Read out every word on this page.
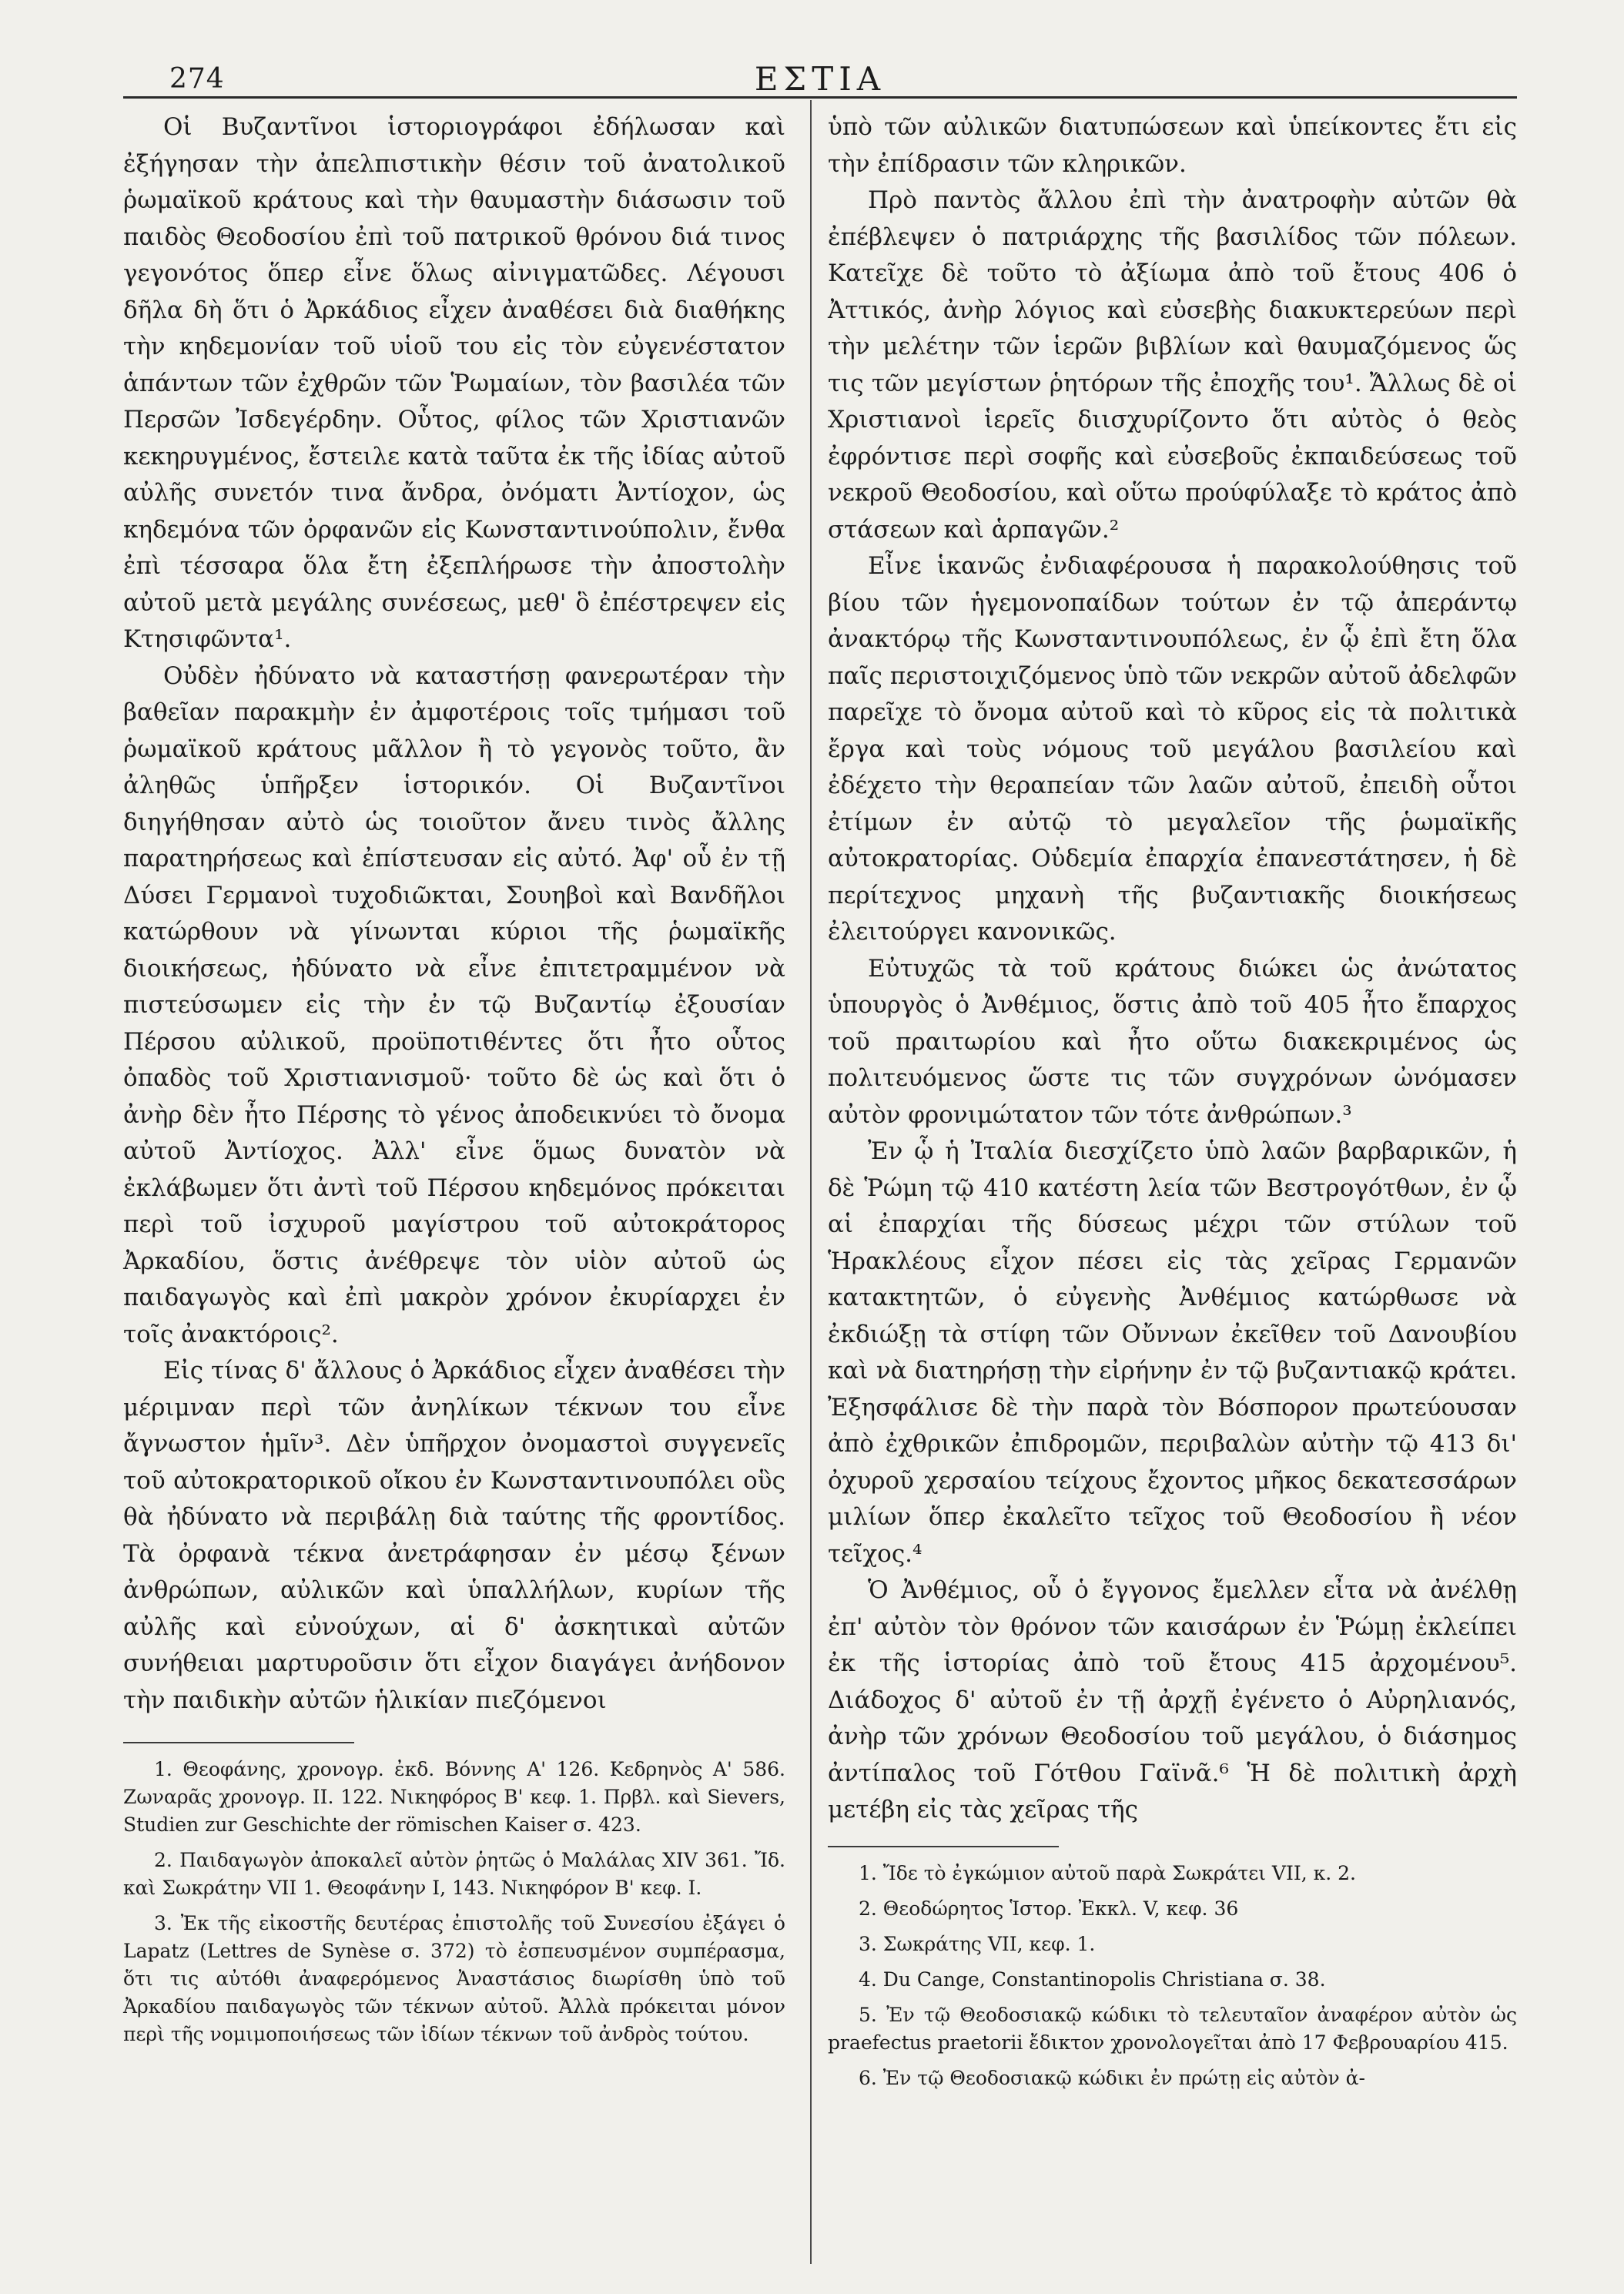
274	ΕΣΤΙΑ

Οἱ Βυζαντῖνοι ἱστοριογράφοι ἐδήλωσαν καὶ ἐξήγησαν τὴν ἀπελπιστικὴν θέσιν τοῦ ἀνατολικοῦ ῥωμαϊκοῦ κράτους καὶ τὴν θαυμαστὴν διάσωσιν τοῦ παιδὸς Θεοδοσίου ἐπὶ τοῦ πατρικοῦ θρόνου διά τινος γεγονότος ὅπερ εἶνε ὅλως αἰνιγματῶδες. Λέγουσι δῆλα δὴ ὅτι ὁ Ἀρκάδιος εἶχεν ἀναθέσει διὰ διαθήκης τὴν κηδεμονίαν τοῦ υἱοῦ του εἰς τὸν εὐγενέστατον ἁπάντων τῶν ἐχθρῶν τῶν Ῥωμαίων, τὸν βασιλέα τῶν Περσῶν Ἰσδεγέρδην. Οὗτος, φίλος τῶν Χριστιανῶν κεκηρυγμένος, ἔστειλε κατὰ ταῦτα ἐκ τῆς ἰδίας αὐτοῦ αὐλῆς συνετόν τινα ἄνδρα, ὀνόματι Ἀντίοχον, ὡς κηδεμόνα τῶν ὀρφανῶν εἰς Κωνσταντινούπολιν, ἔνθα ἐπὶ τέσσαρα ὅλα ἔτη ἐξεπλήρωσε τὴν ἀποστολὴν αὐτοῦ μετὰ μεγάλης συνέσεως, μεθ' ὃ ἐπέστρεψεν εἰς Κτησιφῶντα¹.

Οὐδὲν ἠδύνατο νὰ καταστήσῃ φανερωτέραν τὴν βαθεῖαν παρακμὴν ἐν ἀμφοτέροις τοῖς τμήμασι τοῦ ῥωμαϊκοῦ κράτους μᾶλλον ἢ τὸ γεγονὸς τοῦτο, ἂν ἀληθῶς ὑπῆρξεν ἱστορικόν. Οἱ Βυζαντῖνοι διηγήθησαν αὐτὸ ὡς τοιοῦτον ἄνευ τινὸς ἄλλης παρατηρήσεως καὶ ἐπίστευσαν εἰς αὐτό. Ἀφ' οὗ ἐν τῇ Δύσει Γερμανοὶ τυχοδιῶκται, Σουηβοὶ καὶ Βανδῆλοι κατώρθουν νὰ γίνωνται κύριοι τῆς ῥωμαϊκῆς διοικήσεως, ἠδύνατο νὰ εἶνε ἐπιτετραμμένον νὰ πιστεύσωμεν εἰς τὴν ἐν τῷ Βυζαντίῳ ἐξουσίαν Πέρσου αὐλικοῦ, προϋποτιθέντες ὅτι ἦτο οὗτος ὀπαδὸς τοῦ Χριστιανισμοῦ· τοῦτο δὲ ὡς καὶ ὅτι ὁ ἀνὴρ δὲν ἦτο Πέρσης τὸ γένος ἀποδεικνύει τὸ ὄνομα αὐτοῦ Ἀντίοχος. Ἀλλ' εἶνε ὅμως δυνατὸν νὰ ἐκλάβωμεν ὅτι ἀντὶ τοῦ Πέρσου κηδεμόνος πρόκειται περὶ τοῦ ἰσχυροῦ μαγίστρου τοῦ αὐτοκράτορος Ἀρκαδίου, ὅστις ἀνέθρεψε τὸν υἱὸν αὐτοῦ ὡς παιδαγωγὸς καὶ ἐπὶ μακρὸν χρόνον ἐκυρίαρχει ἐν τοῖς ἀνακτόροις².

Εἰς τίνας δ' ἄλλους ὁ Ἀρκάδιος εἶχεν ἀναθέσει τὴν μέριμναν περὶ τῶν ἀνηλίκων τέκνων του εἶνε ἄγνωστον ἡμῖν³. Δὲν ὑπῆρχον ὀνομαστοὶ συγγενεῖς τοῦ αὐτοκρατορικοῦ οἴκου ἐν Κωνσταντινουπόλει οὓς θὰ ἠδύνατο νὰ περιβάλῃ διὰ ταύτης τῆς φροντίδος. Τὰ ὀρφανὰ τέκνα ἀνετράφησαν ἐν μέσῳ ξένων ἀνθρώπων, αὐλικῶν καὶ ὑπαλλήλων, κυρίων τῆς αὐλῆς καὶ εὐνούχων, αἱ δ' ἀσκητικαὶ αὐτῶν συνήθειαι μαρτυροῦσιν ὅτι εἶχον διαγάγει ἀνήδονον τὴν παιδικὴν αὐτῶν ἡλικίαν πιεζόμενοι

1. Θεοφάνης, χρονογρ. ἐκδ. Βόννης Α' 126. Κεδρηνὸς Α' 586. Ζωναρᾶς χρονογρ. ΙΙ. 122. Νικηφόρος Β' κεφ. 1. Πρβλ. καὶ Sievers, Studien zur Geschichte der römischen Kaiser σ. 423.

2. Παιδαγωγὸν ἀποκαλεῖ αὐτὸν ῥητῶς ὁ Μαλάλας XIV 361. Ἴδ. καὶ Σωκράτην VII 1. Θεοφάνην Ι, 143. Νικηφόρον Β' κεφ. Ι.

3. Ἐκ τῆς εἰκοστῆς δευτέρας ἐπιστολῆς τοῦ Συνεσίου ἐξάγει ὁ Lapatz (Lettres de Synèse σ. 372) τὸ ἐσπευσμένον συμπέρασμα, ὅτι τις αὐτόθι ἀναφερόμενος Ἀναστάσιος διωρίσθη ὑπὸ τοῦ Ἀρκαδίου παιδαγωγὸς τῶν τέκνων αὐτοῦ. Ἀλλὰ πρόκειται μόνον περὶ τῆς νομιμοποιήσεως τῶν ἰδίων τέκνων τοῦ ἀνδρὸς τούτου.

ὑπὸ τῶν αὐλικῶν διατυπώσεων καὶ ὑπείκοντες ἔτι εἰς τὴν ἐπίδρασιν τῶν κληρικῶν.

Πρὸ παντὸς ἄλλου ἐπὶ τὴν ἀνατροφὴν αὐτῶν θὰ ἐπέβλεψεν ὁ πατριάρχης τῆς βασιλίδος τῶν πόλεων. Κατεῖχε δὲ τοῦτο τὸ ἀξίωμα ἀπὸ τοῦ ἔτους 406 ὁ Ἀττικός, ἀνὴρ λόγιος καὶ εὐσεβὴς διακυκτερεύων περὶ τὴν μελέτην τῶν ἱερῶν βιβλίων καὶ θαυμαζόμενος ὥς τις τῶν μεγίστων ῥητόρων τῆς ἐποχῆς του¹. Ἄλλως δὲ οἱ Χριστιανοὶ ἱερεῖς διισχυρίζοντο ὅτι αὐτὸς ὁ θεὸς ἐφρόντισε περὶ σοφῆς καὶ εὐσεβοῦς ἐκπαιδεύσεως τοῦ νεκροῦ Θεοδοσίου, καὶ οὕτω προύφύλαξε τὸ κράτος ἀπὸ στάσεων καὶ ἁρπαγῶν.²

Εἶνε ἱκανῶς ἐνδιαφέρουσα ἡ παρακολούθησις τοῦ βίου τῶν ἡγεμονοπαίδων τούτων ἐν τῷ ἀπεράντῳ ἀνακτόρῳ τῆς Κωνσταντινουπόλεως, ἐν ᾧ ἐπὶ ἔτη ὅλα παῖς περιστοιχιζόμενος ὑπὸ τῶν νεκρῶν αὐτοῦ ἀδελφῶν παρεῖχε τὸ ὄνομα αὐτοῦ καὶ τὸ κῦρος εἰς τὰ πολιτικὰ ἔργα καὶ τοὺς νόμους τοῦ μεγάλου βασιλείου καὶ ἐδέχετο τὴν θεραπείαν τῶν λαῶν αὐτοῦ, ἐπειδὴ οὗτοι ἐτίμων ἐν αὐτῷ τὸ μεγαλεῖον τῆς ῥωμαϊκῆς αὐτοκρατορίας. Οὐδεμία ἐπαρχία ἐπανεστάτησεν, ἡ δὲ περίτεχνος μηχανὴ τῆς βυζαντιακῆς διοικήσεως ἐλειτούργει κανονικῶς.

Εὐτυχῶς τὰ τοῦ κράτους διώκει ὡς ἀνώτατος ὑπουργὸς ὁ Ἀνθέμιος, ὅστις ἀπὸ τοῦ 405 ἦτο ἔπαρχος τοῦ πραιτωρίου καὶ ἦτο οὕτω διακεκριμένος ὡς πολιτευόμενος ὥστε τις τῶν συγχρόνων ὠνόμασεν αὐτὸν φρονιμώτατον τῶν τότε ἀνθρώπων.³

Ἐν ᾧ ἡ Ἰταλία διεσχίζετο ὑπὸ λαῶν βαρβαρικῶν, ἡ δὲ Ῥώμη τῷ 410 κατέστη λεία τῶν Βεστρογότθων, ἐν ᾧ αἱ ἐπαρχίαι τῆς δύσεως μέχρι τῶν στύλων τοῦ Ἡρακλέους εἶχον πέσει εἰς τὰς χεῖρας Γερμανῶν κατακτητῶν, ὁ εὐγενὴς Ἀνθέμιος κατώρθωσε νὰ ἐκδιώξῃ τὰ στίφη τῶν Οὔννων ἐκεῖθεν τοῦ Δανουβίου καὶ νὰ διατηρήσῃ τὴν εἰρήνην ἐν τῷ βυζαντιακῷ κράτει. Ἐξησφάλισε δὲ τὴν παρὰ τὸν Βόσπορον πρωτεύουσαν ἀπὸ ἐχθρικῶν ἐπιδρομῶν, περιβαλὼν αὐτὴν τῷ 413 δι' ὀχυροῦ χερσαίου τείχους ἔχοντος μῆκος δεκατεσσάρων μιλίων ὅπερ ἐκαλεῖτο τεῖχος τοῦ Θεοδοσίου ἢ νέον τεῖχος.⁴

Ὁ Ἀνθέμιος, οὗ ὁ ἔγγονος ἔμελλεν εἶτα νὰ ἀνέλθῃ ἐπ' αὐτὸν τὸν θρόνον τῶν καισάρων ἐν Ῥώμῃ ἐκλείπει ἐκ τῆς ἱστορίας ἀπὸ τοῦ ἔτους 415 ἀρχομένου⁵. Διάδοχος δ' αὐτοῦ ἐν τῇ ἀρχῇ ἐγένετο ὁ Αὐρηλιανός, ἀνὴρ τῶν χρόνων Θεοδοσίου τοῦ μεγάλου, ὁ διάσημος ἀντίπαλος τοῦ Γότθου Γαϊνᾶ.⁶ Ἡ δὲ πολιτικὴ ἀρχὴ μετέβη εἰς τὰς χεῖρας τῆς

1. Ἴδε τὸ ἐγκώμιον αὐτοῦ παρὰ Σωκράτει VII, κ. 2.

2. Θεοδώρητος Ἱστορ. Ἐκκλ. V, κεφ. 36

3. Σωκράτης VII, κεφ. 1.

4. Du Cange, Constantinopolis Christiana σ. 38.

5. Ἐν τῷ Θεοδοσιακῷ κώδικι τὸ τελευταῖον ἀναφέρον αὐτὸν ὡς praefectus praetorii ἔδικτον χρονολογεῖται ἀπὸ 17 Φεβρουαρίου 415.

6. Ἐν τῷ Θεοδοσιακῷ κώδικι ἐν πρώτῃ εἰς αὐτὸν ἀ-
